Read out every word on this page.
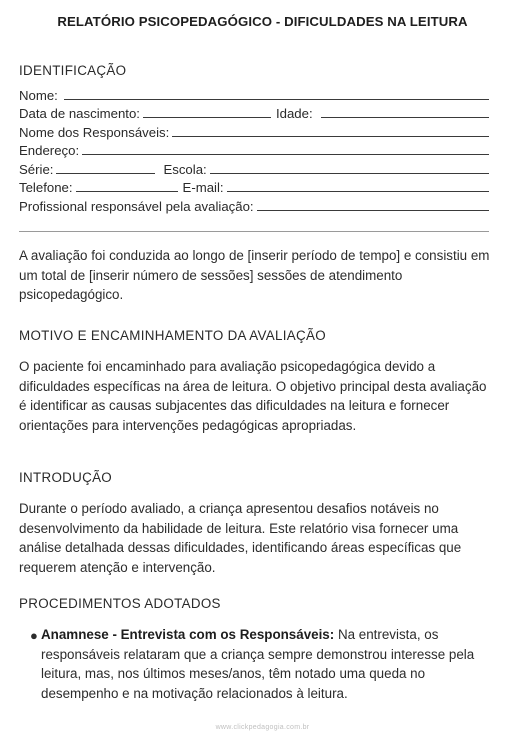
RELATÓRIO PSICOPEDAGÓGICO - DIFICULDADES NA LEITURA
IDENTIFICAÇÃO
Nome:
Data de nascimento:	Idade:
Nome dos Responsáveis:
Endereço:
Série:	Escola:
Telefone:	E-mail:
Profissional responsável pela avaliação:
A avaliação foi conduzida ao longo de [inserir período de tempo] e consistiu em um total de [inserir número de sessões] sessões de atendimento psicopedagógico.
MOTIVO E ENCAMINHAMENTO DA AVALIAÇÃO
O paciente foi encaminhado para avaliação psicopedagógica devido a dificuldades específicas na área de leitura. O objetivo principal desta avaliação é identificar as causas subjacentes das dificuldades na leitura e fornecer orientações para intervenções pedagógicas apropriadas.
INTRODUÇÃO
Durante o período avaliado, a criança apresentou desafios notáveis no desenvolvimento da habilidade de leitura. Este relatório visa fornecer uma análise detalhada dessas dificuldades, identificando áreas específicas que requerem atenção e intervenção.
PROCEDIMENTOS ADOTADOS
● Anamnese - Entrevista com os Responsáveis: Na entrevista, os responsáveis relataram que a criança sempre demonstrou interesse pela leitura, mas, nos últimos meses/anos, têm notado uma queda no desempenho e na motivação relacionados à leitura.
www.clickpedagogia.com.br
